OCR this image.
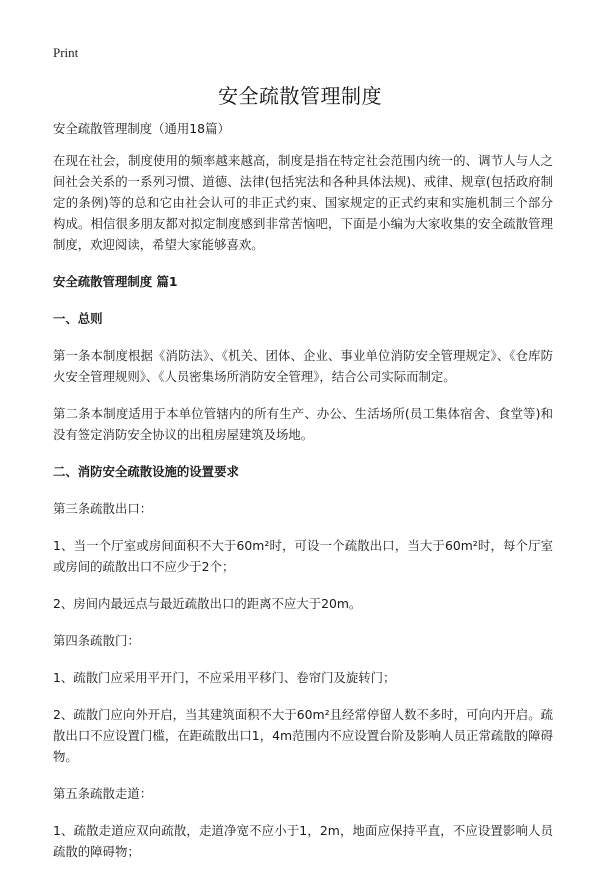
Print
安全疏散管理制度

安全疏散管理制度（通用18篇）

在现在社会，制度使用的频率越来越高，制度是指在特定社会范围内统一的、调节人与人之间社会关系的一系列习惯、道德、法律(包括宪法和各种具体法规)、戒律、规章(包括政府制定的条例)等的总和它由社会认可的非正式约束、国家规定的正式约束和实施机制三个部分构成。相信很多朋友都对拟定制度感到非常苦恼吧，下面是小编为大家收集的安全疏散管理制度，欢迎阅读，希望大家能够喜欢。

安全疏散管理制度 篇1

一、总则

第一条本制度根据《消防法》、《机关、团体、企业、事业单位消防安全管理规定》、《仓库防火安全管理规则》、《人员密集场所消防安全管理》，结合公司实际而制定。

第二条本制度适用于本单位管辖内的所有生产、办公、生活场所(员工集体宿舍、食堂等)和没有签定消防安全协议的出租房屋建筑及场地。

二、消防安全疏散设施的设置要求

第三条疏散出口：

1、当一个厅室或房间面积不大于60m²时，可设一个疏散出口，当大于60m²时，每个厅室或房间的疏散出口不应少于2个；

2、房间内最远点与最近疏散出口的距离不应大于20m。

第四条疏散门：

1、疏散门应采用平开门，不应采用平移门、卷帘门及旋转门；

2、疏散门应向外开启，当其建筑面积不大于60m²且经常停留人数不多时，可向内开启。疏散出口不应设置门槛，在距疏散出口1，4m范围内不应设置台阶及影响人员正常疏散的障碍物。

第五条疏散走道：

1、疏散走道应双向疏散，走道净宽不应小于1，2m，地面应保持平直，不应设置影响人员疏散的障碍物；
